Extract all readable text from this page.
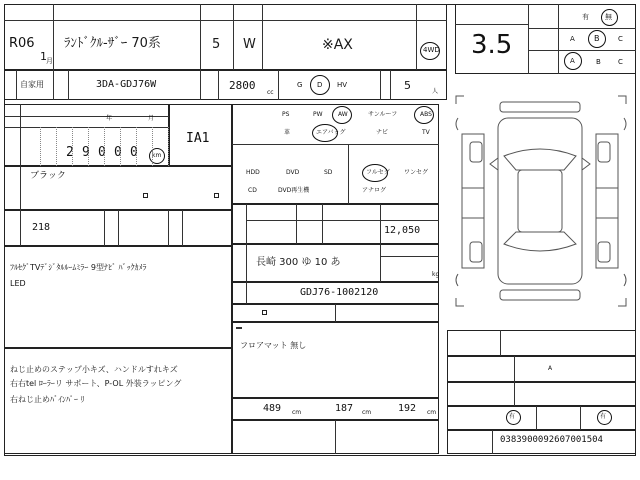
R06
1 月
ﾗﾝﾄﾞｸﾙ-ｻﾞｰ 70系	5 W	※AX	4WD 3.5
有 無
A B	C
A	B C
自家用	3DA-GDJ76W	2800
cc
G D HV	5	人
年	月
km
IA1
ブラック
218
ﾌﾙｾｸﾞTVﾃﾞｼﾞﾀﾙﾙｰﾑﾐﾗｰ 9型ﾅﾋﾞ ﾊﾞｯｸｶﾒﾗ
LED
ねじ止めのステップ小キズ、ハンドルすれキズ
右右tel ﾛｰﾗｰリ サポート、P-OL 外装ラッピング
右ねじ止めﾊﾞｲﾝﾊﾟｰ ﾘ
12,050
長崎 300 ゆ 10 あ
kg
GDJ76-1002120
フロアマット 無し
489 cm	187 cm	192 cm
有	有
0383900092607001504
2 9 0 0 0
PS	PW	AW	サンルーフ	ABS
革	エアバッグ	ナビ	TV
HDD	DVD	SD
CD	DVD再生機
フルセグ ワンセグ
アナログ
A
